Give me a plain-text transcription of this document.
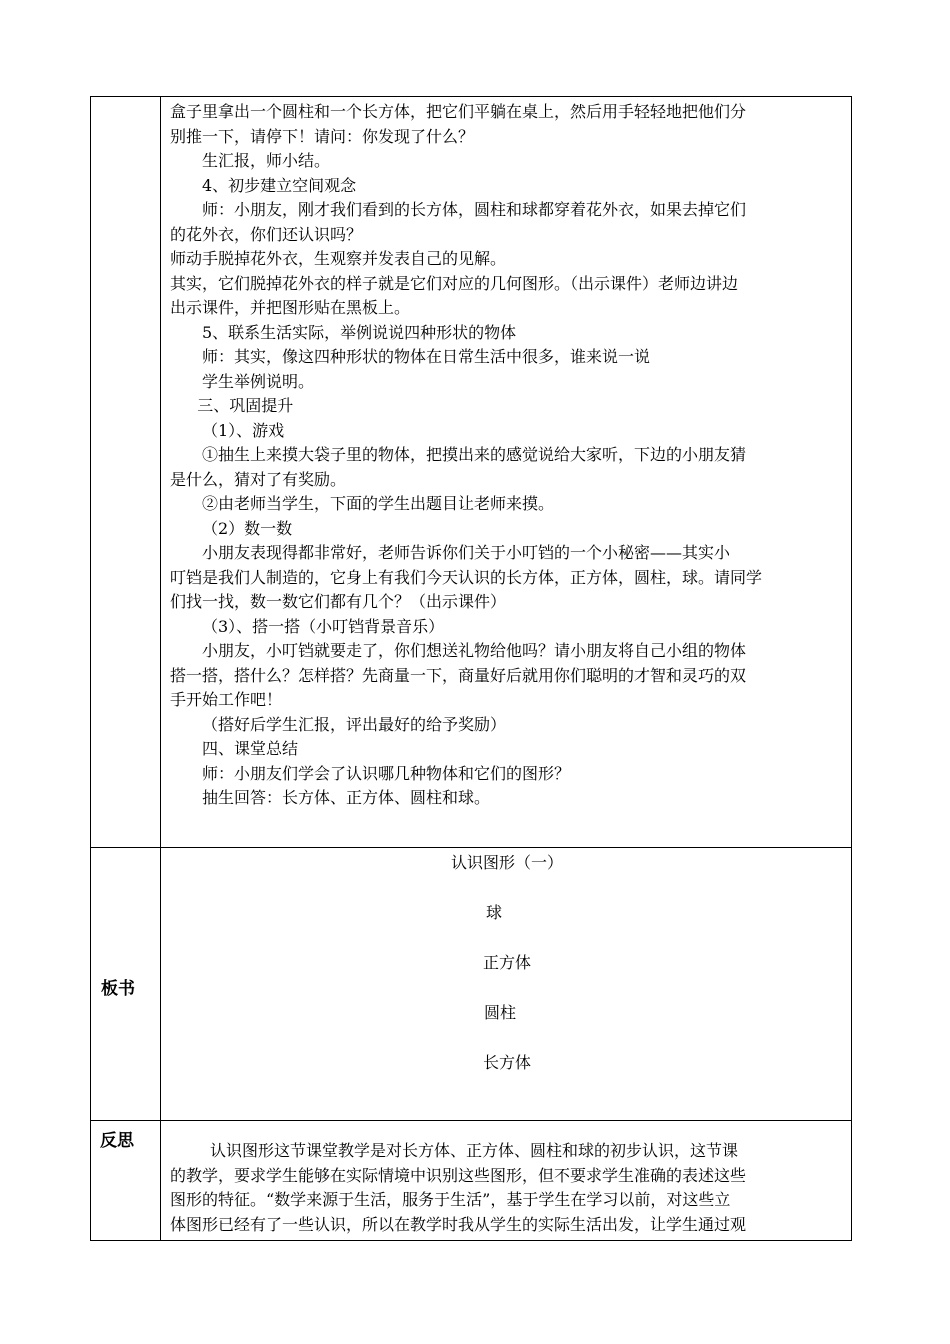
盒子里拿出一个圆柱和一个长方体，把它们平躺在桌上，然后用手轻轻地把他们分
别推一下，请停下！请问：你发现了什么？
生汇报，师小结。
4、初步建立空间观念
师：小朋友，刚才我们看到的长方体，圆柱和球都穿着花外衣，如果去掉它们
的花外衣，你们还认识吗？
师动手脱掉花外衣，生观察并发表自己的见解。
其实，它们脱掉花外衣的样子就是它们对应的几何图形。（出示课件）老师边讲边
出示课件，并把图形贴在黑板上。
5、联系生活实际，举例说说四种形状的物体
师：其实，像这四种形状的物体在日常生活中很多，谁来说一说
学生举例说明。
三、巩固提升
（1）、游戏
①抽生上来摸大袋子里的物体，把摸出来的感觉说给大家听，下边的小朋友猜
是什么，猜对了有奖励。
②由老师当学生，下面的学生出题目让老师来摸。
（2）数一数
小朋友表现得都非常好，老师告诉你们关于小叮铛的一个小秘密——其实小
叮铛是我们人制造的，它身上有我们今天认识的长方体，正方体，圆柱，球。请同学
们找一找，数一数它们都有几个？（出示课件）
（3）、搭一搭（小叮铛背景音乐）
小朋友，小叮铛就要走了，你们想送礼物给他吗？请小朋友将自己小组的物体
搭一搭，搭什么？怎样搭？先商量一下，商量好后就用你们聪明的才智和灵巧的双
手开始工作吧！
（搭好后学生汇报，评出最好的给予奖励）
四、课堂总结
师：小朋友们学会了认识哪几种物体和它们的图形？
抽生回答：长方体、正方体、圆柱和球。
板书
认识图形（一）
球
正方体
圆柱
长方体
反思	认识图形这节课堂教学是对长方体、正方体、圆柱和球的初步认识，这节课
的教学，要求学生能够在实际情境中识别这些图形，但不要求学生准确的表述这些
图形的特征。“数学来源于生活，服务于生活”，基于学生在学习以前，对这些立
体图形已经有了一些认识，所以在教学时我从学生的实际生活出发，让学生通过观
